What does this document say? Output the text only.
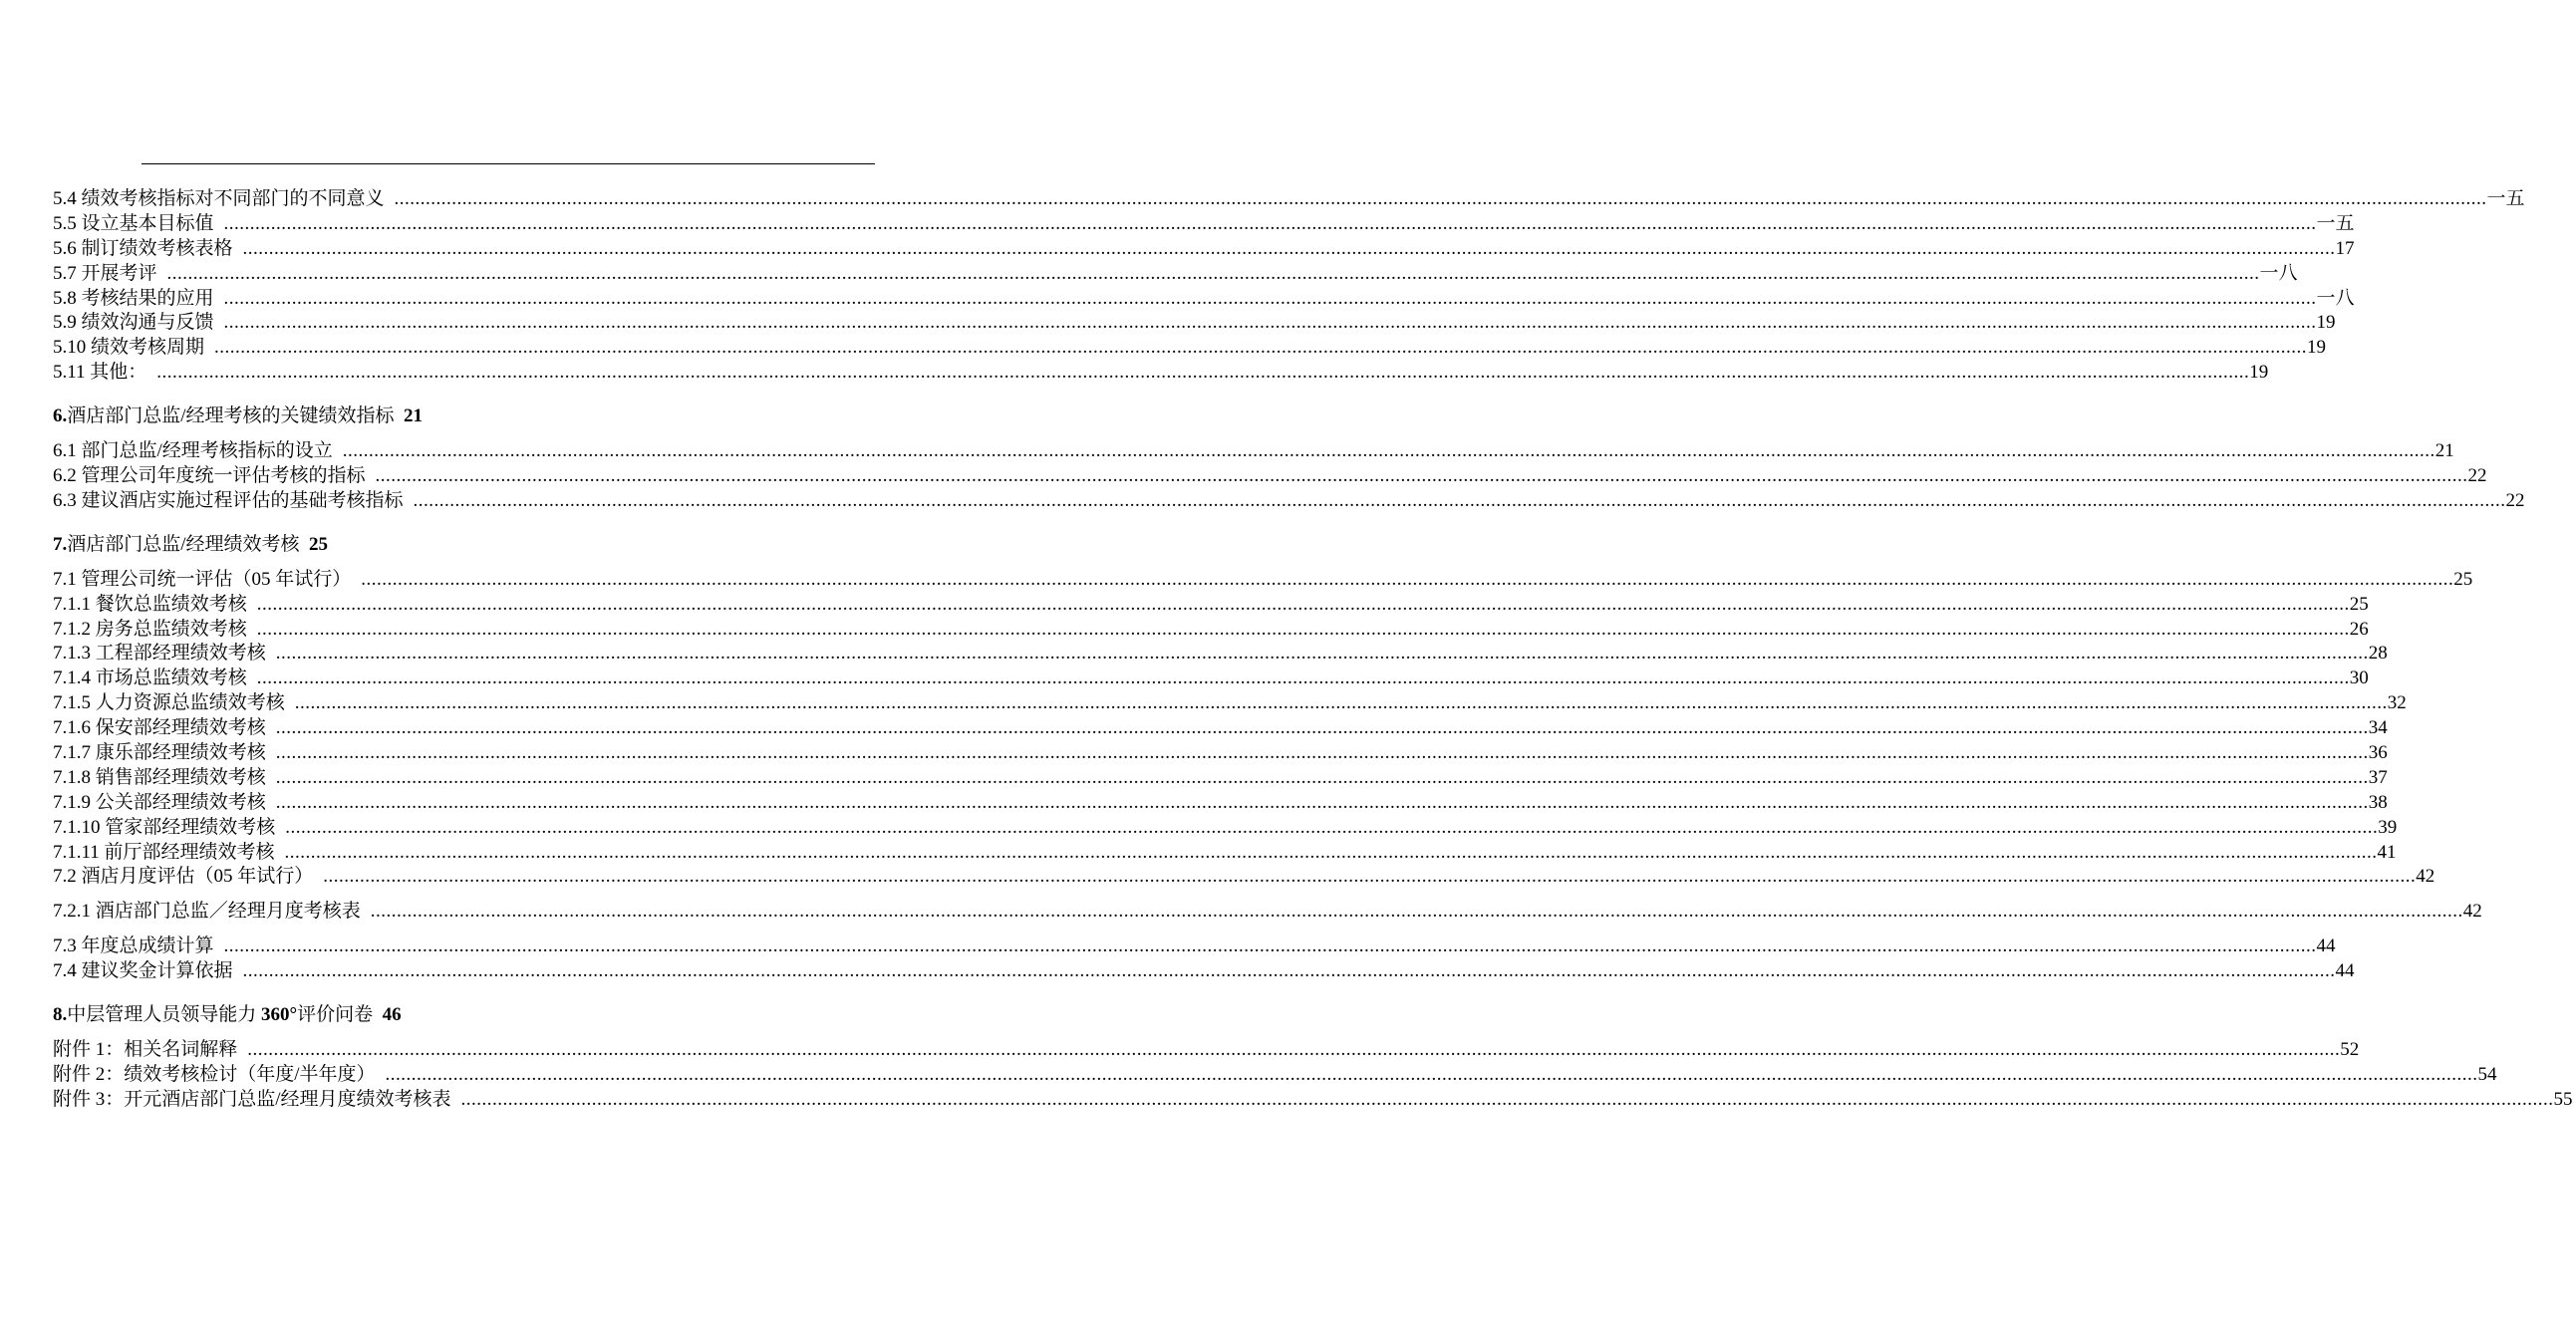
5.4 绩效考核指标对不同部门的不同意义 ................................................................................................................................................................................................................................................................................................................................................................................................................ 一五
5.5 设立基本目标值 ................................................................................................................................................................................................................................................................................................................................................................................................................ 一五
5.6 制订绩效考核表格 ................................................................................................................................................................................................................................................................................................................................................................................................................ 17
5.7 开展考评 ................................................................................................................................................................................................................................................................................................................................................................................................................ 一八
5.8 考核结果的应用 ................................................................................................................................................................................................................................................................................................................................................................................................................ 一八
5.9 绩效沟通与反馈 ................................................................................................................................................................................................................................................................................................................................................................................................................ 19
5.10 绩效考核周期 ................................................................................................................................................................................................................................................................................................................................................................................................................ 19
5.11 其他： ................................................................................................................................................................................................................................................................................................................................................................................................................ 19
6.酒店部门总监/经理考核的关键绩效指标 21
6.1 部门总监/经理考核指标的设立 ................................................................................................................................................................................................................................................................................................................................................................................................................ 21
6.2 管理公司年度统一评估考核的指标 ................................................................................................................................................................................................................................................................................................................................................................................................................ 22
6.3 建议酒店实施过程评估的基础考核指标 ................................................................................................................................................................................................................................................................................................................................................................................................................ 22
7.酒店部门总监/经理绩效考核 25
7.1 管理公司统一评估（05 年试行） ................................................................................................................................................................................................................................................................................................................................................................................................................ 25
7.1.1 餐饮总监绩效考核 ................................................................................................................................................................................................................................................................................................................................................................................................................ 25
7.1.2 房务总监绩效考核 ................................................................................................................................................................................................................................................................................................................................................................................................................ 26
7.1.3 工程部经理绩效考核 ................................................................................................................................................................................................................................................................................................................................................................................................................ 28
7.1.4 市场总监绩效考核 ................................................................................................................................................................................................................................................................................................................................................................................................................ 30
7.1.5 人力资源总监绩效考核 ................................................................................................................................................................................................................................................................................................................................................................................................................ 32
7.1.6 保安部经理绩效考核 ................................................................................................................................................................................................................................................................................................................................................................................................................ 34
7.1.7 康乐部经理绩效考核 ................................................................................................................................................................................................................................................................................................................................................................................................................ 36
7.1.8 销售部经理绩效考核 ................................................................................................................................................................................................................................................................................................................................................................................................................ 37
7.1.9 公关部经理绩效考核 ................................................................................................................................................................................................................................................................................................................................................................................................................ 38
7.1.10 管家部经理绩效考核 ................................................................................................................................................................................................................................................................................................................................................................................................................ 39
7.1.11 前厅部经理绩效考核 ................................................................................................................................................................................................................................................................................................................................................................................................................ 41
7.2 酒店月度评估（05 年试行） ................................................................................................................................................................................................................................................................................................................................................................................................................ 42
7.2.1 酒店部门总监／经理月度考核表 ................................................................................................................................................................................................................................................................................................................................................................................................................ 42
7.3 年度总成绩计算 ................................................................................................................................................................................................................................................................................................................................................................................................................ 44
7.4 建议奖金计算依据 ................................................................................................................................................................................................................................................................................................................................................................................................................ 44
8.中层管理人员领导能力 360°评价问卷 46
附件 1：相关名词解释 ................................................................................................................................................................................................................................................................................................................................................................................................................ 52
附件 2：绩效考核检讨（年度/半年度） ................................................................................................................................................................................................................................................................................................................................................................................................................ 54
附件 3：开元酒店部门总监/经理月度绩效考核表 ................................................................................................................................................................................................................................................................................................................................................................................................................ 55
